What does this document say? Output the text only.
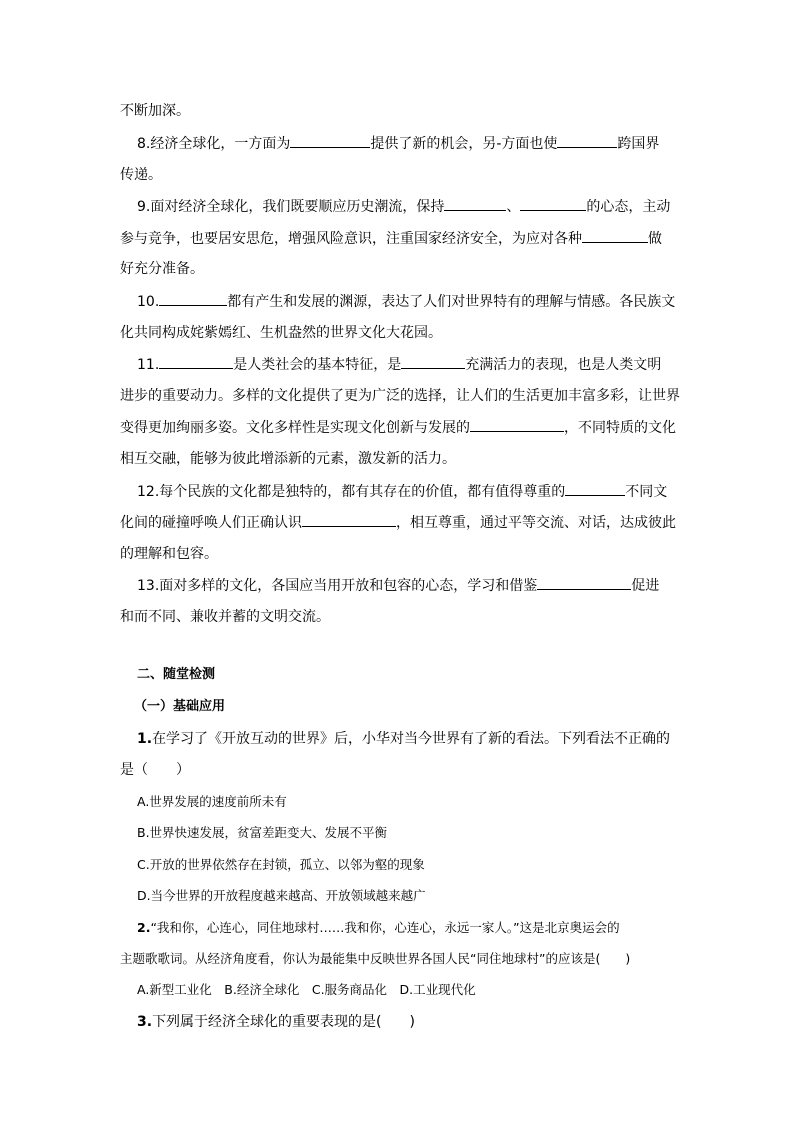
不断加深。
8.经济全球化，一方面为	提供了新的机会，另-方面也使	跨国界
传递。
9.面对经济全球化，我们既要顺应历史潮流，保持	、	的心态，主动
参与竞争，也要居安思危，增强风险意识，注重国家经济安全，为应对各种	做
好充分准备。
10.	都有产生和发展的渊源，表达了人们对世界特有的理解与情感。各民族文
化共同构成姹紫嫣红、生机盎然的世界文化大花园。
11.	是人类社会的基本特征，是	充满活力的表现，也是人类文明
进步的重要动力。多样的文化提供了更为广泛的选择，让人们的生活更加丰富多彩，让世界
变得更加绚丽多姿。文化多样性是实现文化创新与发展的	，不同特质的文化
相互交融，能够为彼此增添新的元素，激发新的活力。
12.每个民族的文化都是独特的，都有其存在的价值，都有值得尊重的	不同文
化间的碰撞呼唤人们正确认识	，相互尊重，通过平等交流、对话，达成彼此
的理解和包容。
13.面对多样的文化，各国应当用开放和包容的心态，学习和借鉴	促进
和而不同、兼收并蓄的文明交流。
二、随堂检测
（一）基础应用
1.在学习了《开放互动的世界》后，小华对当今世界有了新的看法。下列看法不正确的
是（　　）
A.世界发展的速度前所未有
B.世界快速发展，贫富差距变大、发展不平衡
C.开放的世界依然存在封锁，孤立、以邻为壑的现象
D.当今世界的开放程度越来越高、开放领域越来越广
2.“我和你，心连心，同住地球村……我和你，心连心，永远一家人。”这是北京奥运会的
主题歌歌词。从经济角度看，你认为最能集中反映世界各国人民“同住地球村”的应该是(　　)
A.新型工业化　B.经济全球化　C.服务商品化　D.工业现代化
3.下列属于经济全球化的重要表现的是(　　)
